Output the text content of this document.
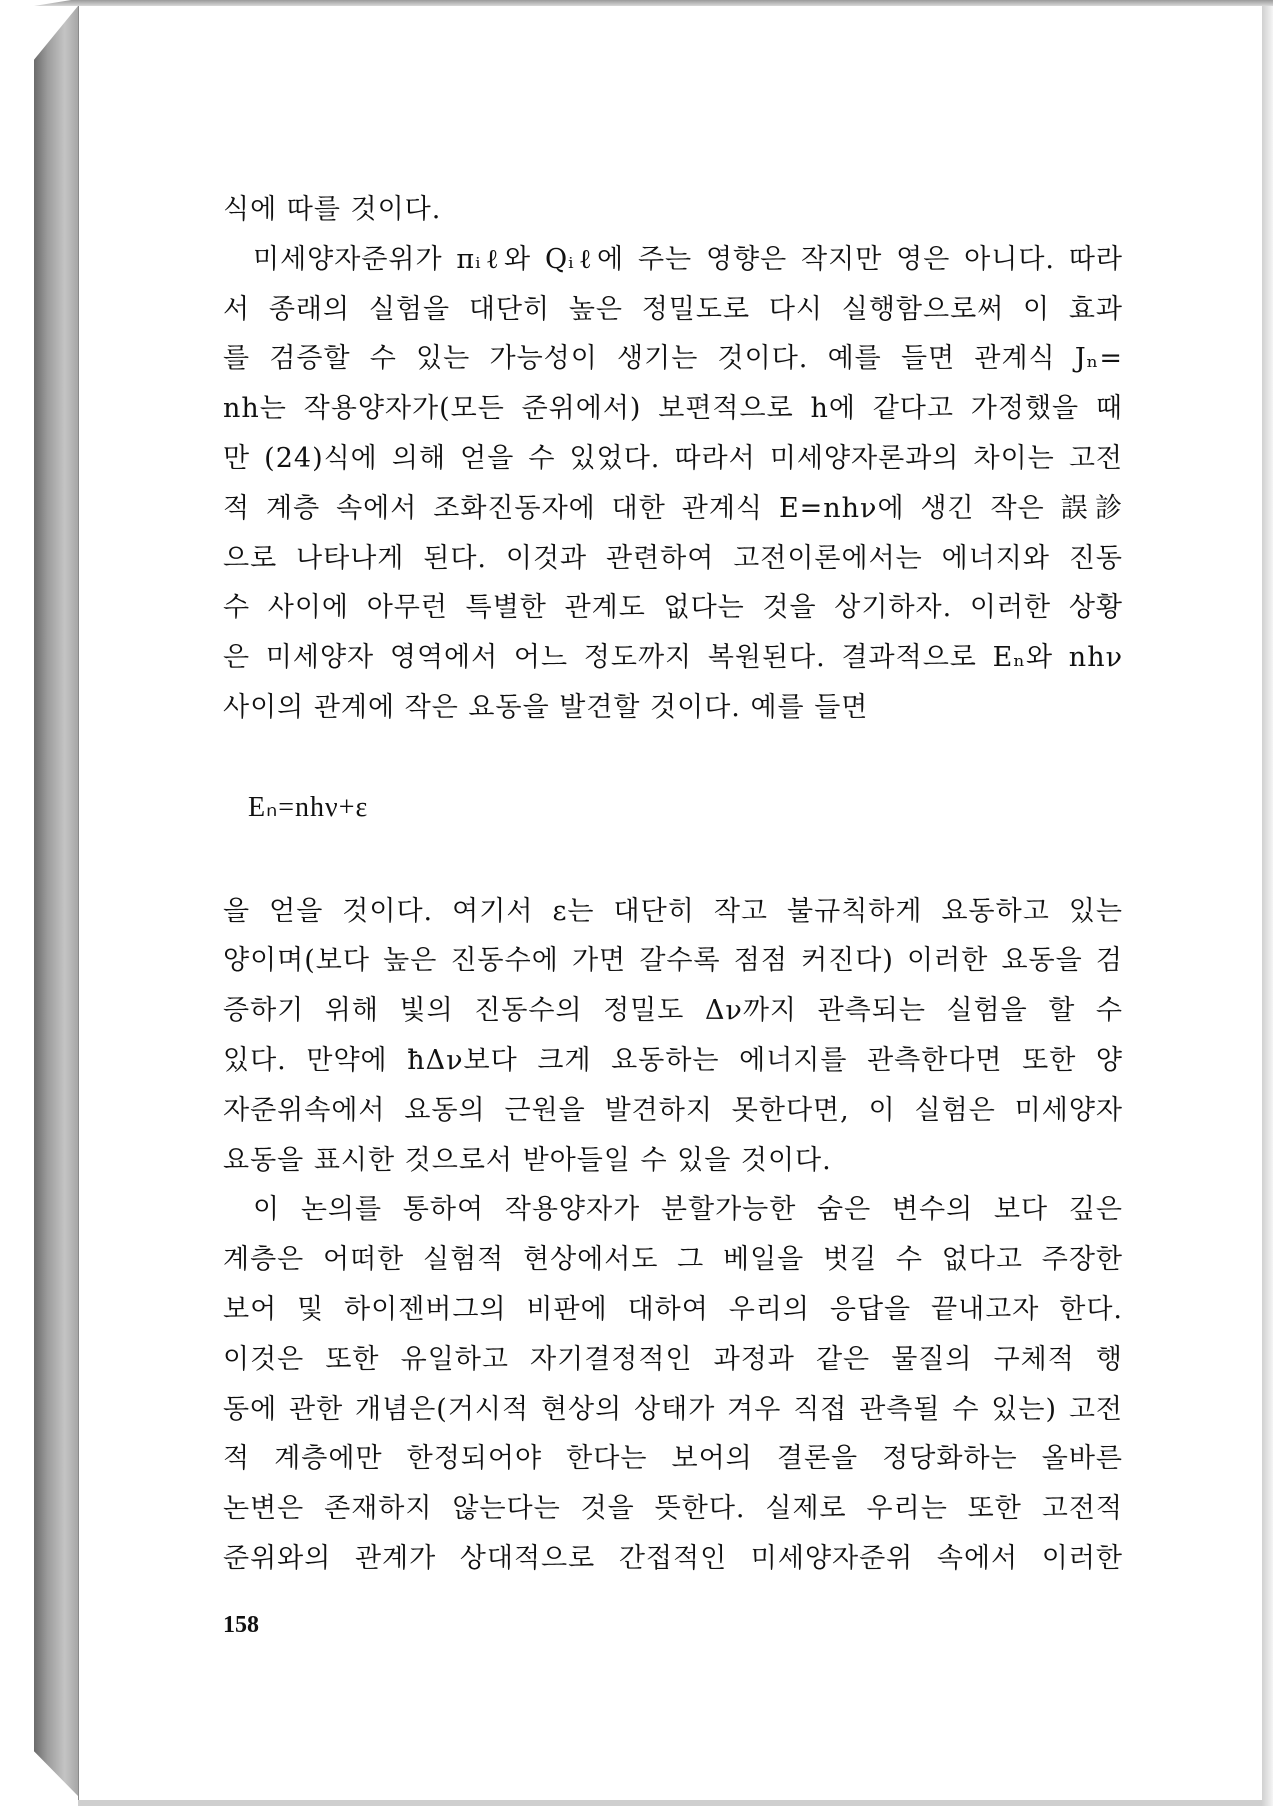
식에 따를 것이다.
미세양자준위가 πᵢℓ와 Qᵢℓ에 주는 영향은 작지만 영은 아니다. 따라
서 종래의 실험을 대단히 높은 정밀도로 다시 실행함으로써 이 효과
를 검증할 수 있는 가능성이 생기는 것이다. 예를 들면 관계식 Jₙ=
nh는 작용양자가(모든 준위에서) 보편적으로 h에 같다고 가정했을 때
만 (24)식에 의해 얻을 수 있었다. 따라서 미세양자론과의 차이는 고전
적 계층 속에서 조화진동자에 대한 관계식 E=nhν에 생긴 작은 誤診
으로 나타나게 된다. 이것과 관련하여 고전이론에서는 에너지와 진동
수 사이에 아무런 특별한 관계도 없다는 것을 상기하자. 이러한 상황
은 미세양자 영역에서 어느 정도까지 복원된다. 결과적으로 Eₙ와 nhν
사이의 관계에 작은 요동을 발견할 것이다. 예를 들면
Eₙ=nhν+ε
을 얻을 것이다. 여기서 ε는 대단히 작고 불규칙하게 요동하고 있는
양이며(보다 높은 진동수에 가면 갈수록 점점 커진다) 이러한 요동을 검
증하기 위해 빛의 진동수의 정밀도 Δν까지 관측되는 실험을 할 수
있다. 만약에 ħΔν보다 크게 요동하는 에너지를 관측한다면 또한 양
자준위속에서 요동의 근원을 발견하지 못한다면, 이 실험은 미세양자
요동을 표시한 것으로서 받아들일 수 있을 것이다.
이 논의를 통하여 작용양자가 분할가능한 숨은 변수의 보다 깊은
계층은 어떠한 실험적 현상에서도 그 베일을 벗길 수 없다고 주장한
보어 및 하이젠버그의 비판에 대하여 우리의 응답을 끝내고자 한다.
이것은 또한 유일하고 자기결정적인 과정과 같은 물질의 구체적 행
동에 관한 개념은(거시적 현상의 상태가 겨우 직접 관측될 수 있는) 고전
적 계층에만 한정되어야 한다는 보어의 결론을 정당화하는 올바른
논변은 존재하지 않는다는 것을 뜻한다. 실제로 우리는 또한 고전적
준위와의 관계가 상대적으로 간접적인 미세양자준위 속에서 이러한
158
